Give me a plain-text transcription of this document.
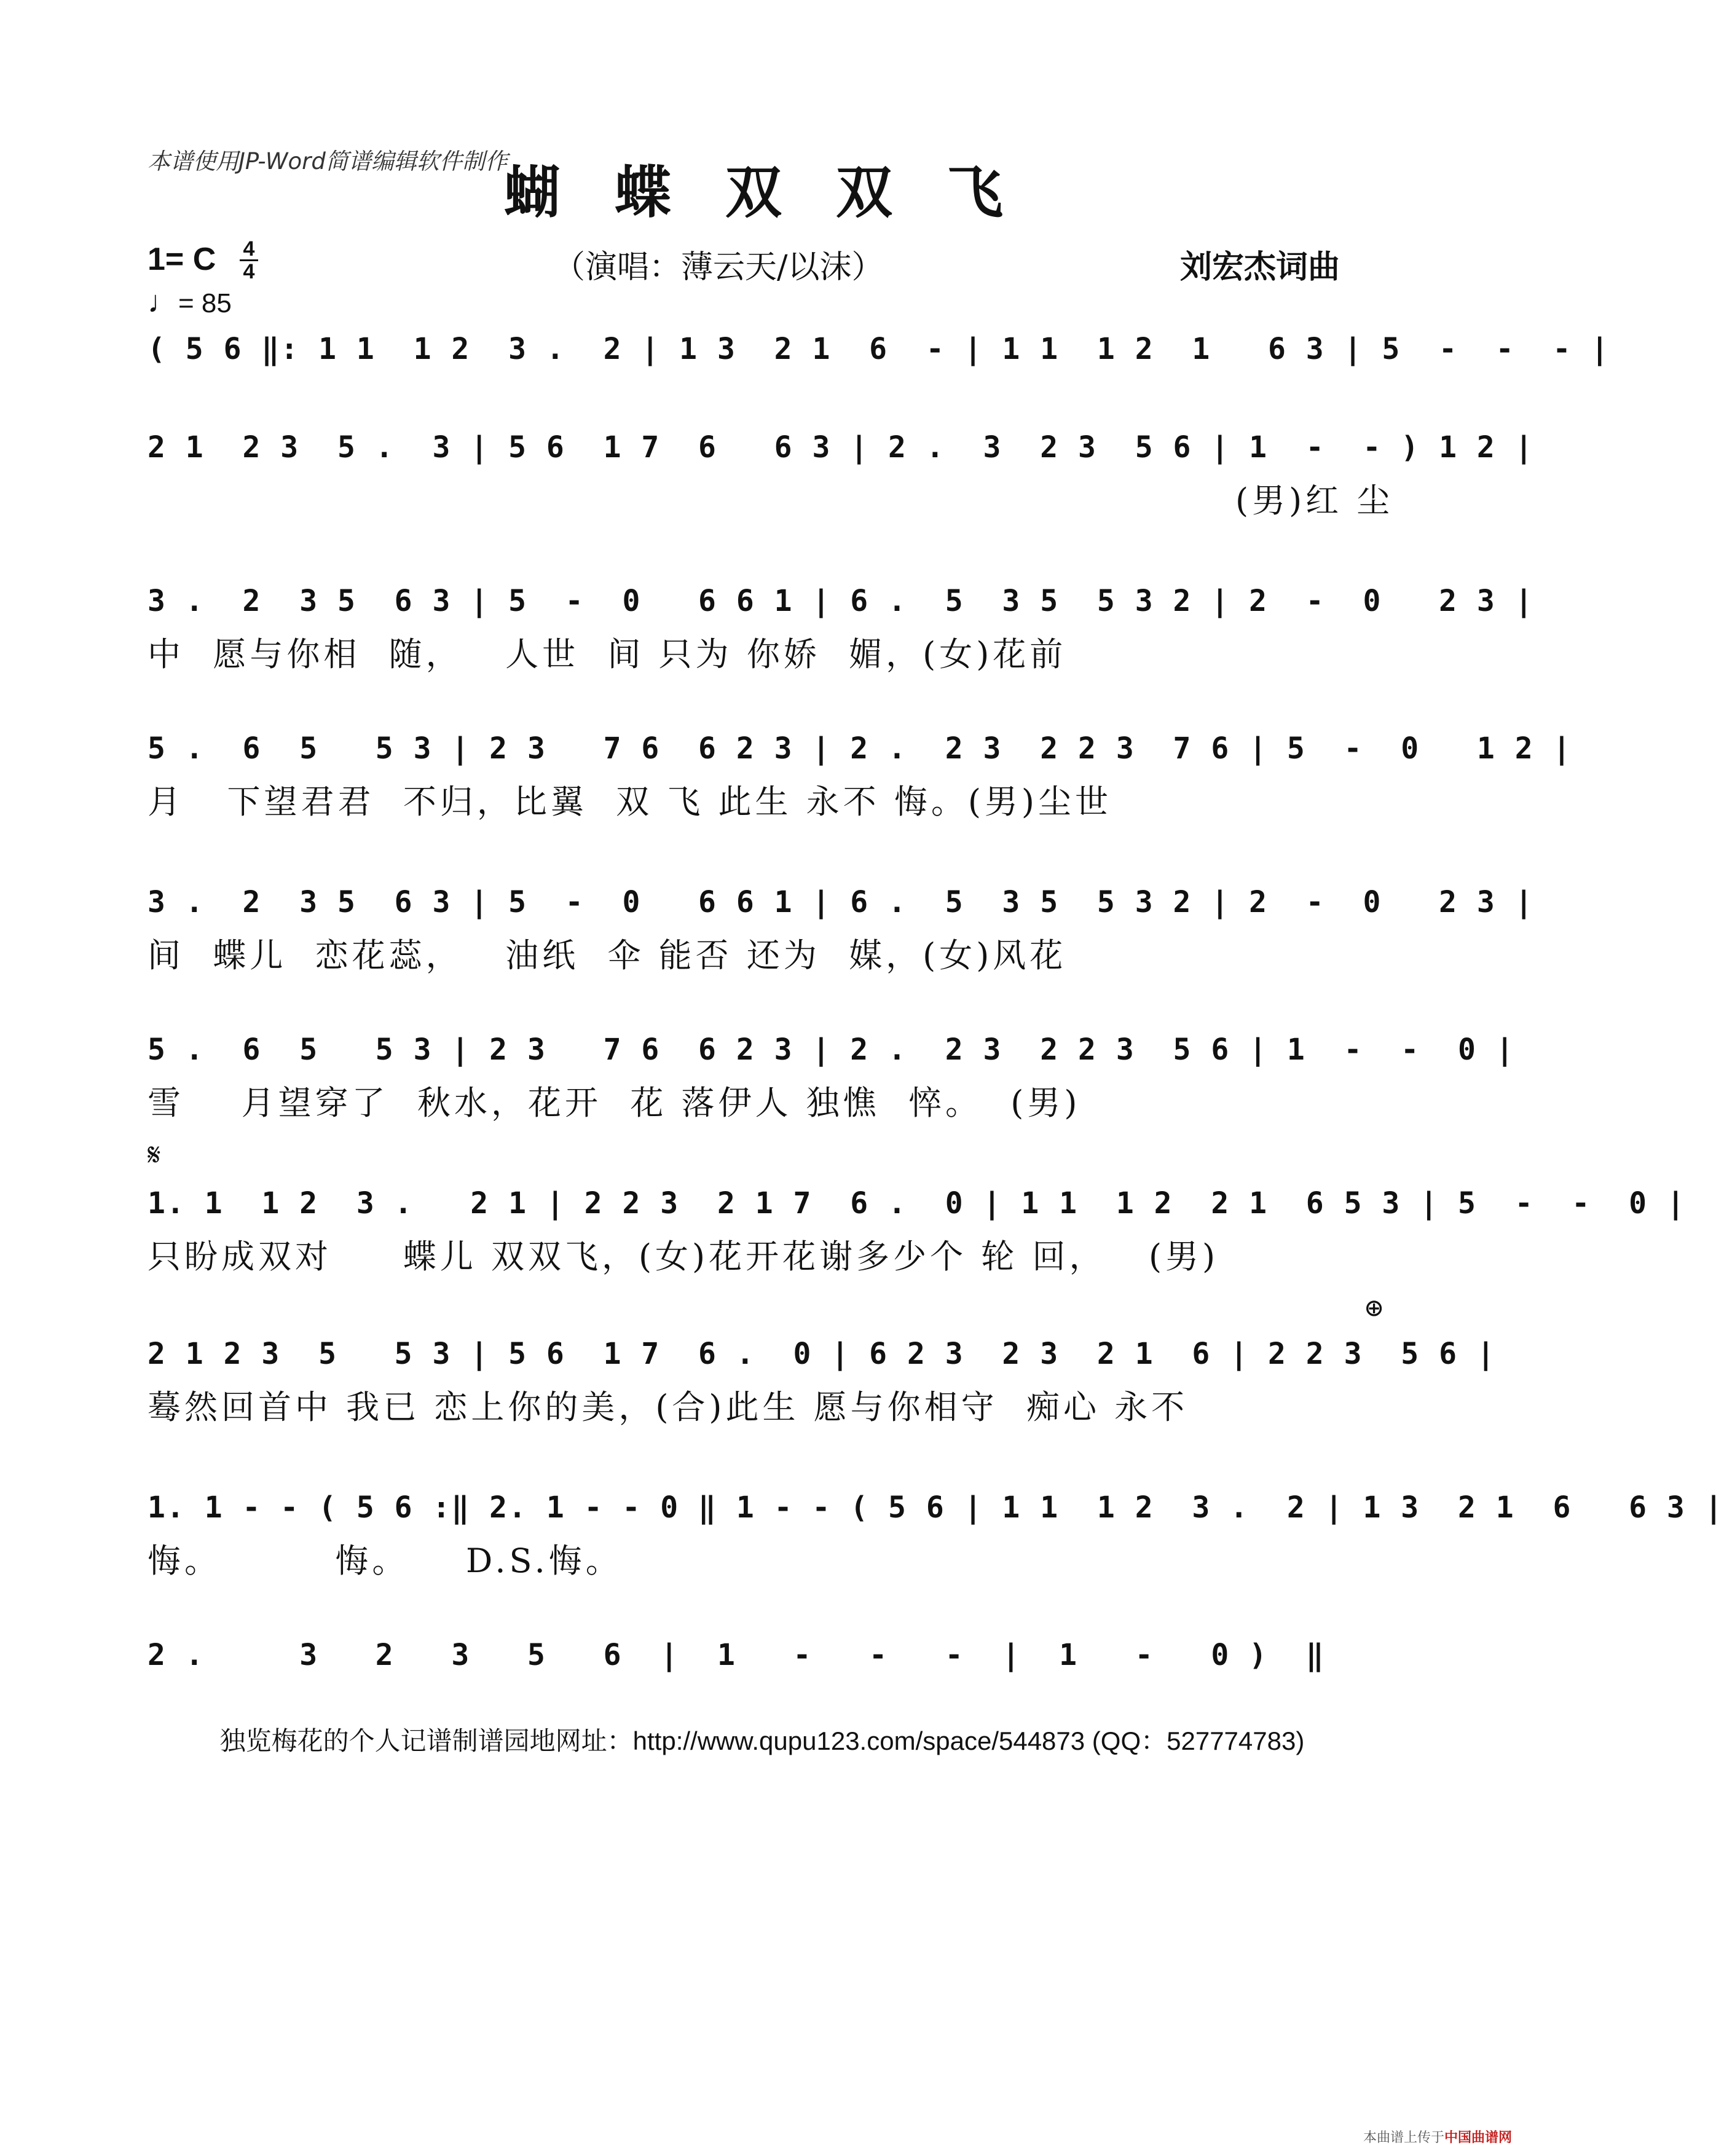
本谱使用JP-Word简谱编辑软件制作
蝴 蝶 双 双 飞
1= C 4
4
♩= 85
（演唱：薄云天/以沫）	刘宏杰词曲
( 5 6 ‖: 1 1  1 2  3 .  2 | 1 3  2 1  6  - | 1 1  1 2  1   6 3 | 5  -  -  - |
2 1  2 3  5 .  3 | 5 6  1 7  6   6 3 | 2 .  3  2 3  5 6 | 1  -  - ) 1 2 |
(男)红 尘
3 .  2  3 5  6 3 | 5  -  0   6 6 1 | 6 .  5  3 5  5 3 2 | 2  -  0   2 3 |
中  愿与你相  随，   人世  间 只为 你娇  媚，(女)花前
5 .  6  5   5 3 | 2 3   7 6  6 2 3 | 2 .  2 3  2 2 3  7 6 | 5  -  0   1 2 |
月   下望君君  不归，比翼  双 飞 此生 永不 悔。(男)尘世
3 .  2  3 5  6 3 | 5  -  0   6 6 1 | 6 .  5  3 5  5 3 2 | 2  -  0   2 3 |
间  蝶儿  恋花蕊，   油纸  伞 能否 还为  媒，(女)风花
5 .  6  5   5 3 | 2 3   7 6  6 2 3 | 2 .  2 3  2 2 3  5 6 | 1  -  -  0 |
雪    月望穿了  秋水，花开  花 落伊人 独憔  悴。  (男)
𝄋
1. 1  1 2  3 .   2 1 | 2 2 3  2 1 7  6 .  0 | 1 1  1 2  2 1  6 5 3 | 5  -  -  0 |
只盼成双对     蝶儿 双双飞，(女)花开花谢多少个 轮 回，   (男)
⊕
2 1 2 3  5   5 3 | 5 6  1 7  6 .  0 | 6 2 3  2 3  2 1  6 | 2 2 3  5 6 |
蓦然回首中 我已 恋上你的美，(合)此生 愿与你相守  痴心 永不
1. 1 - - ( 5 6 :‖ 2. 1 - - 0 ‖ 1 - - ( 5 6 | 1 1  1 2  3 .  2 | 1 3  2 1  6   6 3 |
悔。        悔。    D.S.悔。
2 .     3   2   3   5   6  |  1   -   -   -  |  1   -   0 )  ‖
独览梅花的个人记谱制谱园地网址：http://www.qupu123.com/space/544873 (QQ：527774783)
本曲谱上传于中国曲谱网
